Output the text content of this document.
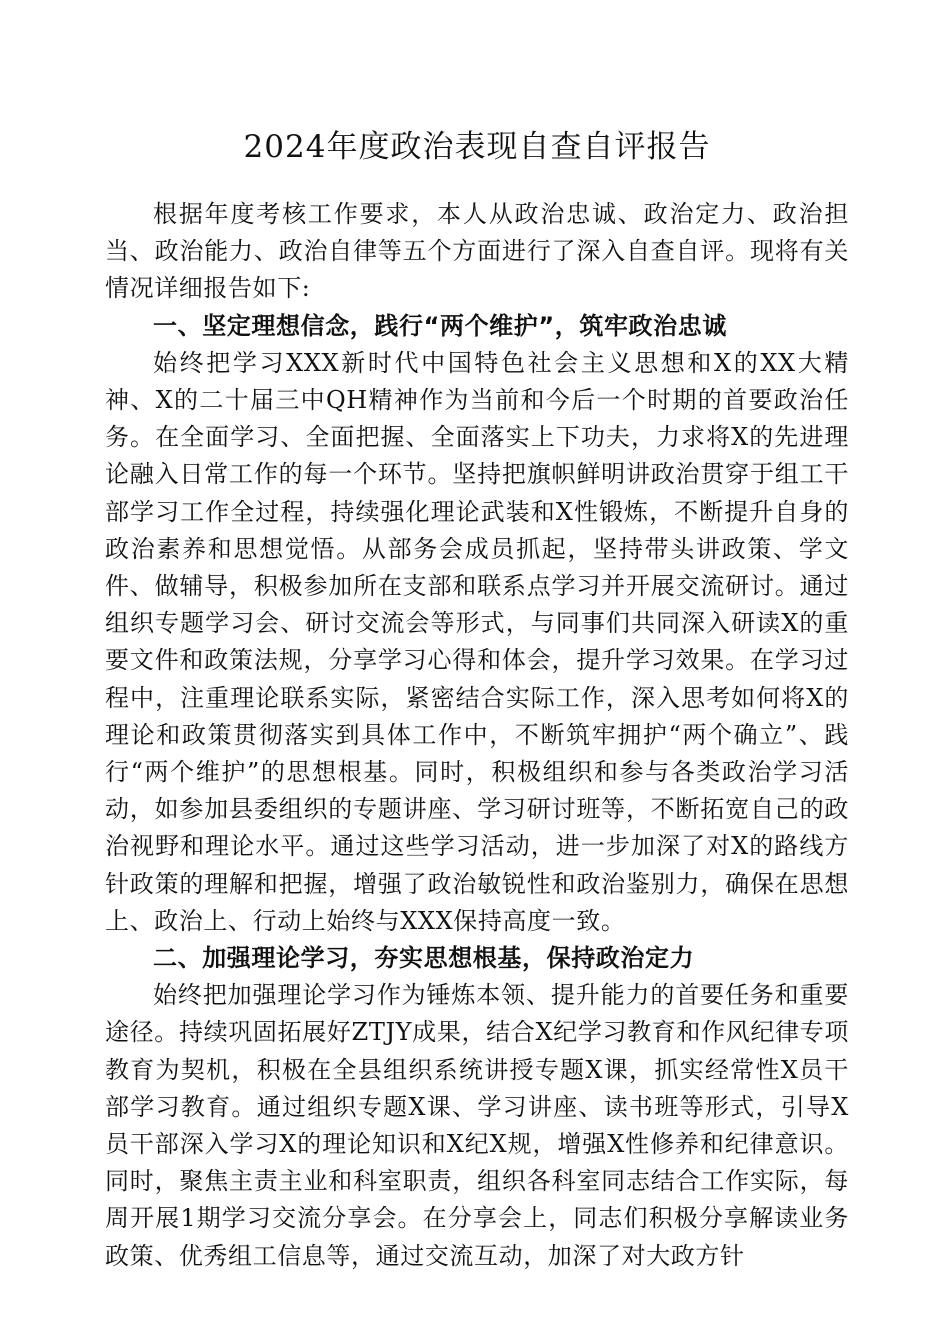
2024年度政治表现自查自评报告

根据年度考核工作要求，本人从政治忠诚、政治定力、政治担当、政治能力、政治自律等五个方面进行了深入自查自评。现将有关情况详细报告如下:

一、坚定理想信念，践行“两个维护”，筑牢政治忠诚

始终把学习XXX新时代中国特色社会主义思想和X的XX大精神、X的二十届三中QH精神作为当前和今后一个时期的首要政治任务。在全面学习、全面把握、全面落实上下功夫，力求将X的先进理论融入日常工作的每一个环节。坚持把旗帜鲜明讲政治贯穿于组工干部学习工作全过程，持续强化理论武装和X性锻炼，不断提升自身的政治素养和思想觉悟。从部务会成员抓起，坚持带头讲政策、学文件、做辅导，积极参加所在支部和联系点学习并开展交流研讨。通过组织专题学习会、研讨交流会等形式，与同事们共同深入研读X的重要文件和政策法规，分享学习心得和体会，提升学习效果。在学习过程中，注重理论联系实际，紧密结合实际工作，深入思考如何将X的理论和政策贯彻落实到具体工作中，不断筑牢拥护“两个确立”、践行“两个维护”的思想根基。同时，积极组织和参与各类政治学习活动，如参加县委组织的专题讲座、学习研讨班等，不断拓宽自己的政治视野和理论水平。通过这些学习活动，进一步加深了对X的路线方针政策的理解和把握，增强了政治敏锐性和政治鉴别力，确保在思想上、政治上、行动上始终与XXX保持高度一致。

二、加强理论学习，夯实思想根基，保持政治定力

始终把加强理论学习作为锤炼本领、提升能力的首要任务和重要途径。持续巩固拓展好ZTJY成果，结合X纪学习教育和作风纪律专项教育为契机，积极在全县组织系统讲授专题X课，抓实经常性X员干部学习教育。通过组织专题X课、学习讲座、读书班等形式，引导X员干部深入学习X的理论知识和X纪X规，增强X性修养和纪律意识。同时，聚焦主责主业和科室职责，组织各科室同志结合工作实际，每周开展1期学习交流分享会。在分享会上，同志们积极分享解读业务政策、优秀组工信息等，通过交流互动，加深了对大政方针
